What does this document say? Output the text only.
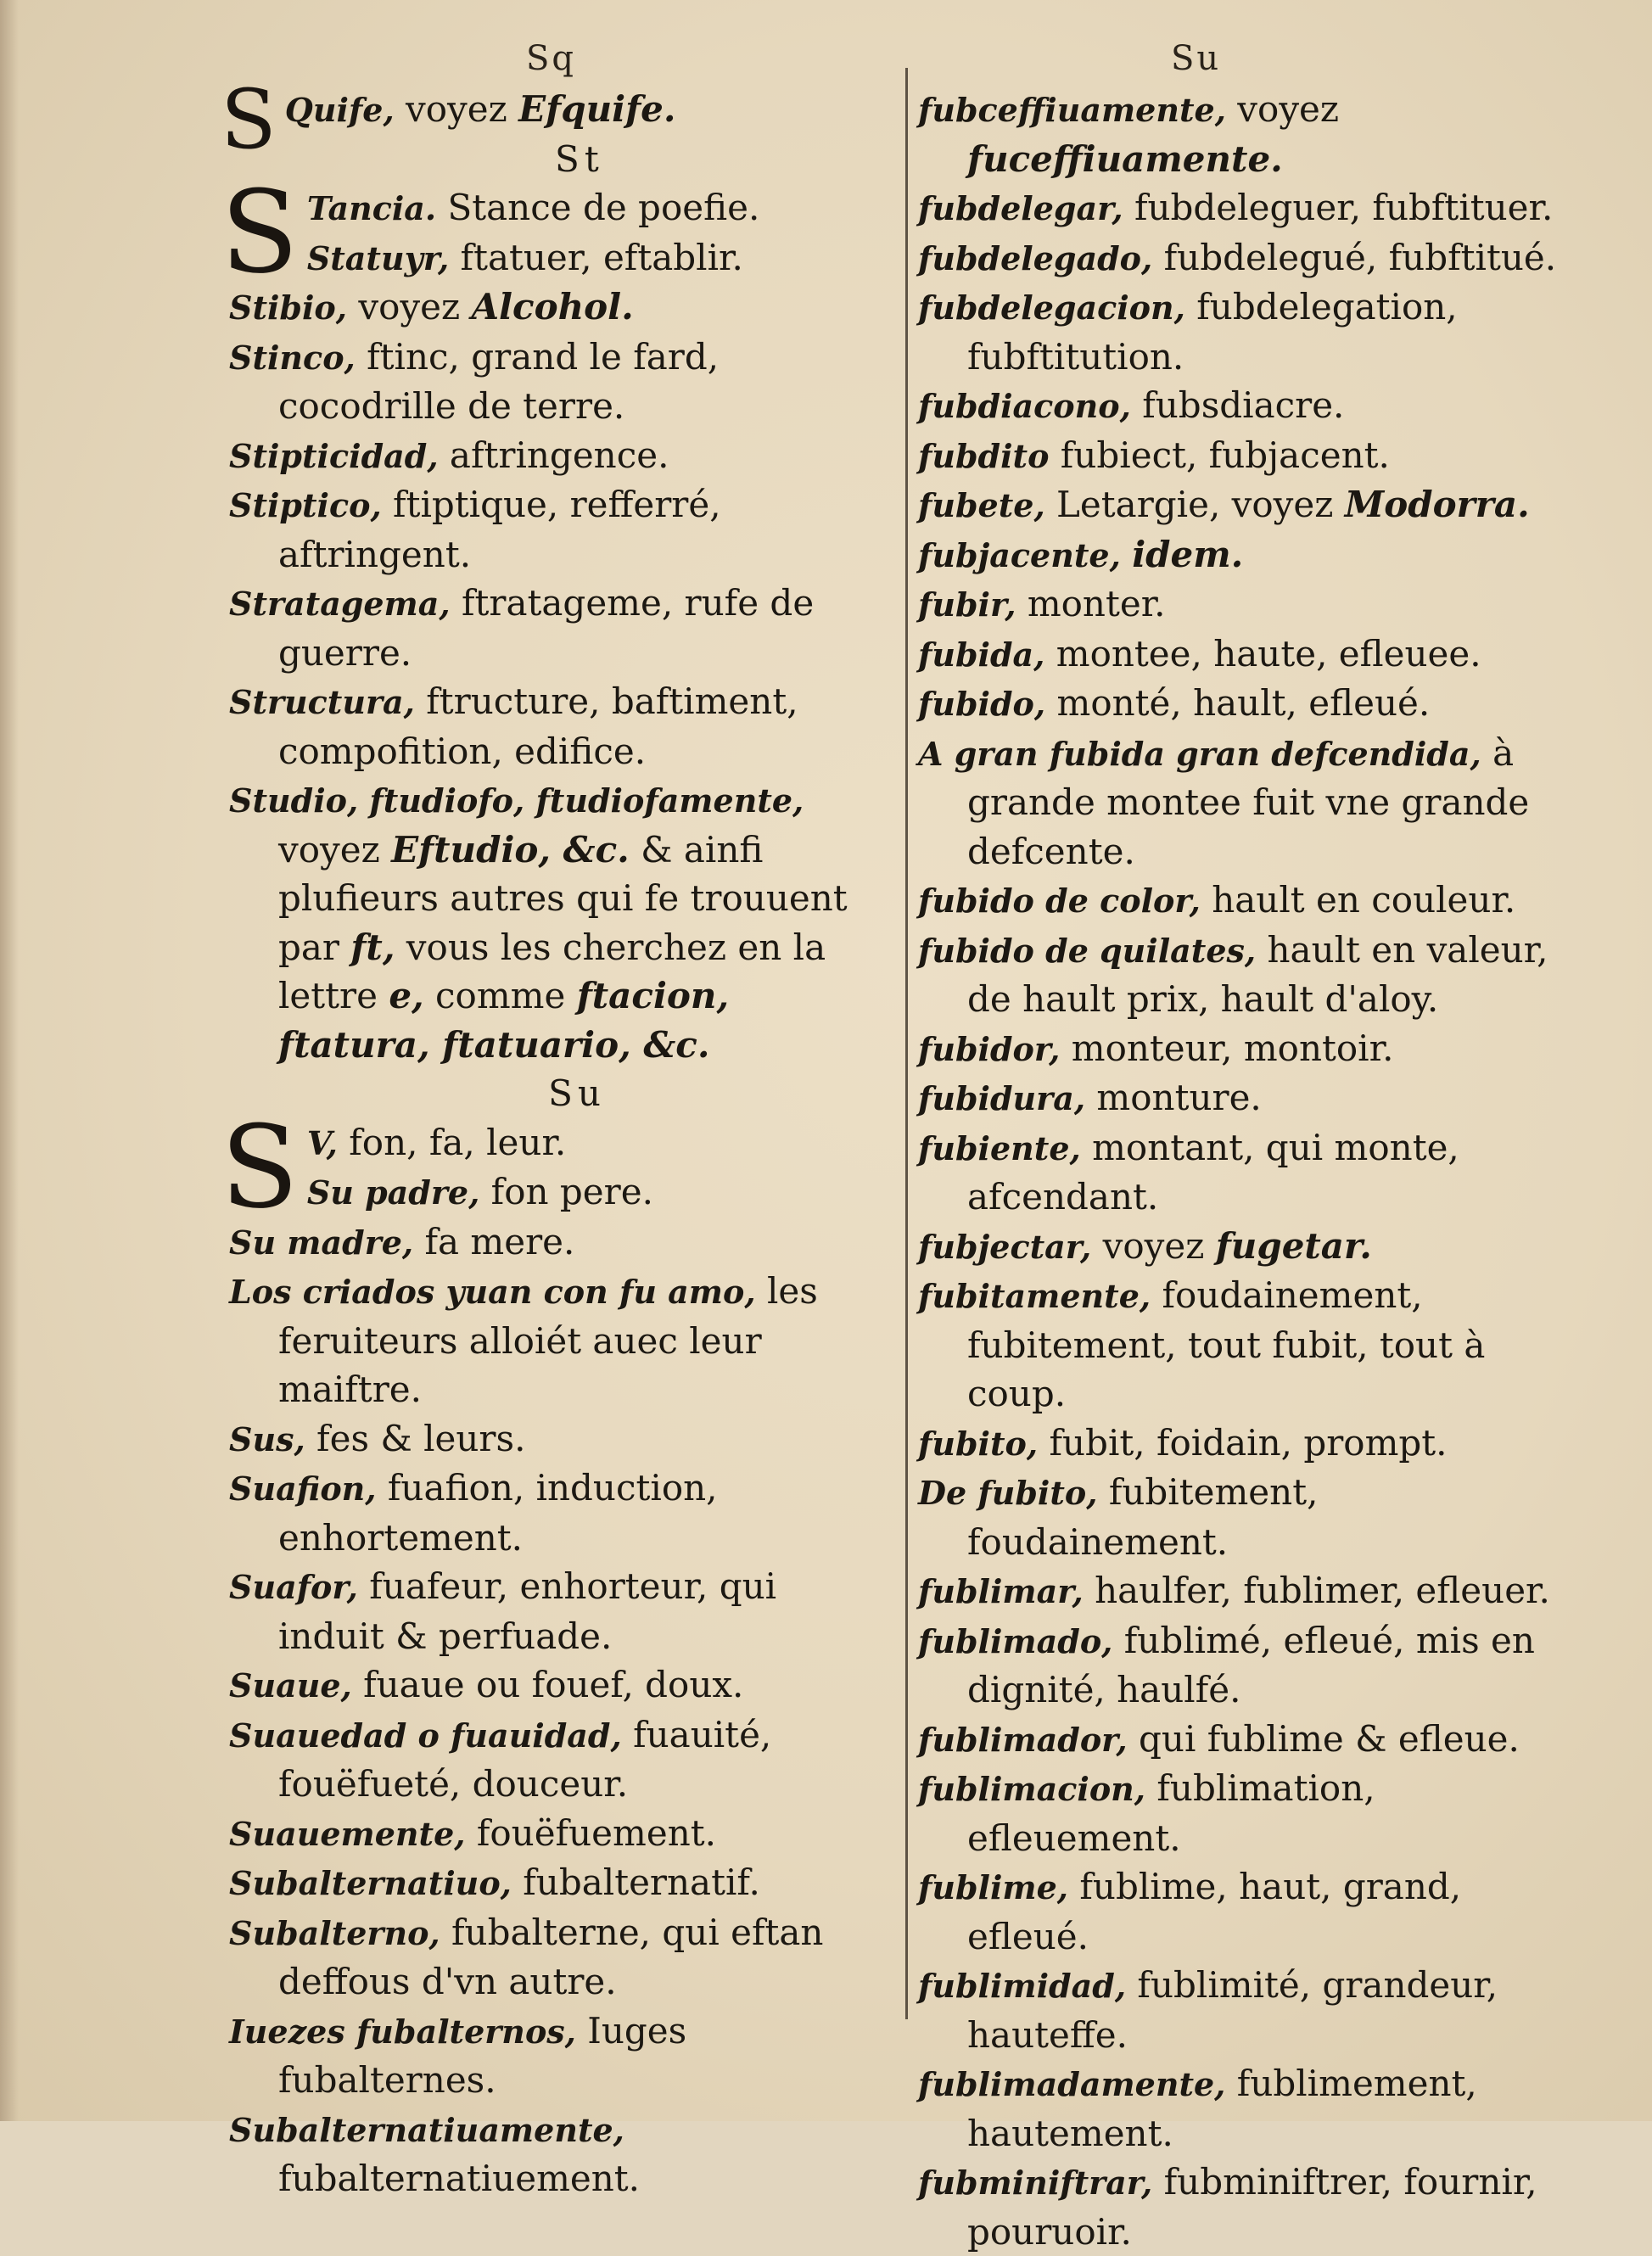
Sq	Su

S Quife, voyez Efquife.

St

S Tancia. Stance de poefie.
Statuyr, ftatuer, eftablir.

Stibio, voyez Alcohol.

Stinco, ftinc, grand le fard, cocodrille de terre.

Stipticidad, aftringence.

Stiptico, ftiptique, refferré, aftringent.

Stratagema, ftratageme, rufe de guerre.

Structura, ftructure, baftiment, compofition, edifice.

Studio, ftudiofo, ftudiofamente, voyez Eftudio, &c. & ainfi plufieurs autres qui fe trouuent par ft, vous les cherchez en la lettre e, comme ftacion, ftatura, ftatuario, &c.

Su

S V, fon, fa, leur.
Su padre, fon pere.

Su madre, fa mere.

Los criados yuan con fu amo, les feruiteurs alloiét auec leur maiftre.

Sus, fes & leurs.

Suafion, fuafion, induction, enhortement.

Suafor, fuafeur, enhorteur, qui induit & perfuade.

Suaue, fuaue ou fouef, doux.

Suauedad o fuauidad, fuauité, fouëfueté, douceur.

Suauemente, fouëfuement.

Subalternatiuo, fubalternatif.

Subalterno, fubalterne, qui eftan deffous d'vn autre.

Iuezes fubalternos, Iuges fubalternes.

Subalternatiuamente, fubalternatiuement.

fubceffiuamente, voyez fuceffiuamente.

fubdelegar, fubdeleguer, fubftituer.

fubdelegado, fubdelegué, fubftitué.

fubdelegacion, fubdelegation, fubftitution.

fubdiacono, fubsdiacre.

fubdito fubiect, fubjacent.

fubete, Letargie, voyez Modorra.

fubjacente, idem.

fubir, monter.

fubida, montee, haute, efleuee.

fubido, monté, hault, efleué.

A gran fubida gran defcendida, à grande montee fuit vne grande defcente.

fubido de color, hault en couleur.

fubido de quilates, hault en valeur, de hault prix, hault d'aloy.

fubidor, monteur, montoir.

fubidura, monture.

fubiente, montant, qui monte, afcendant.

fubjectar, voyez fugetar.

fubitamente, foudainement, fubitement, tout fubit, tout à coup.

fubito, fubit, foidain, prompt.

De fubito, fubitement, foudainement.

fublimar, haulfer, fublimer, efleuer.

fublimado, fublimé, efleué, mis en dignité, haulfé.

fublimador, qui fublime & efleue.

fublimacion, fublimation, efleuement.

fublime, fublime, haut, grand, efleué.

fublimidad, fublimité, grandeur, hauteffe.

fublimadamente, fublimement, hautement.

fubminiftrar, fubminiftrer, fournir, pouruoir.
